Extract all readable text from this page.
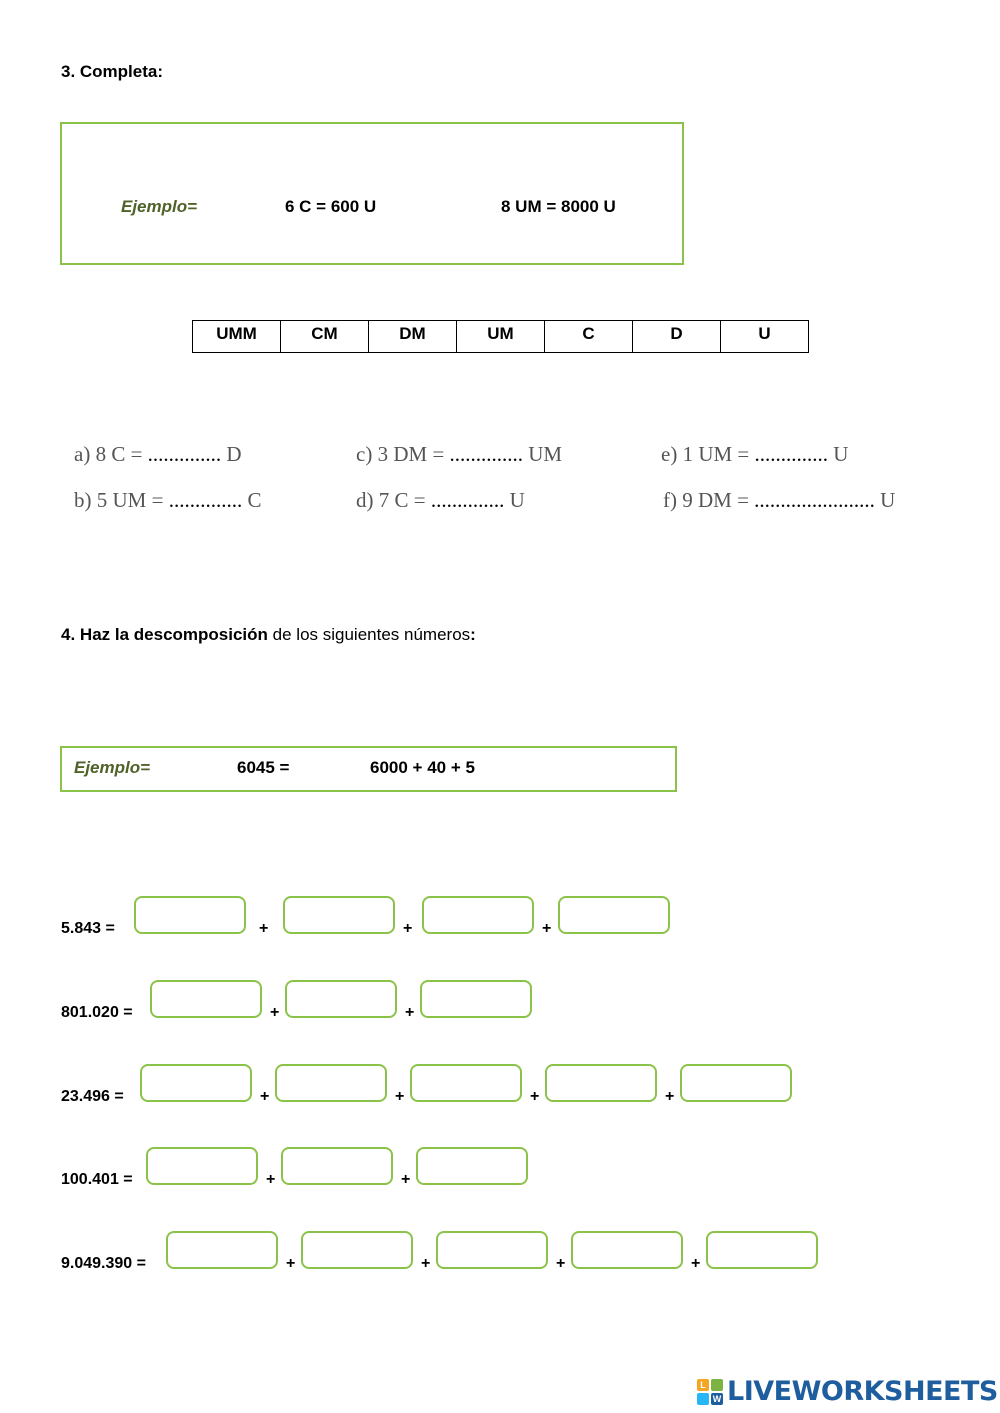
3. Completa:
Ejemplo=	6 C = 600 U	8 UM = 8000 U
UMM	CM	DM	UM	C	D	U
a) 8 C = .............. D	c) 3 DM = .............. UM	e) 1 UM = .............. U
b) 5 UM = .............. C	d) 7 C = .............. U	f) 9 DM = ....................... U
4. Haz la descomposición de los siguientes números:
Ejemplo=	6045 =	6000 + 40 + 5
5.843 =	+	+	+
801.020 =	+	+
23.496 =	+	+	+	+
100.401 =	+	+
9.049.390 =	+	+	+	+
L
W LIVEWORKSHEETS
